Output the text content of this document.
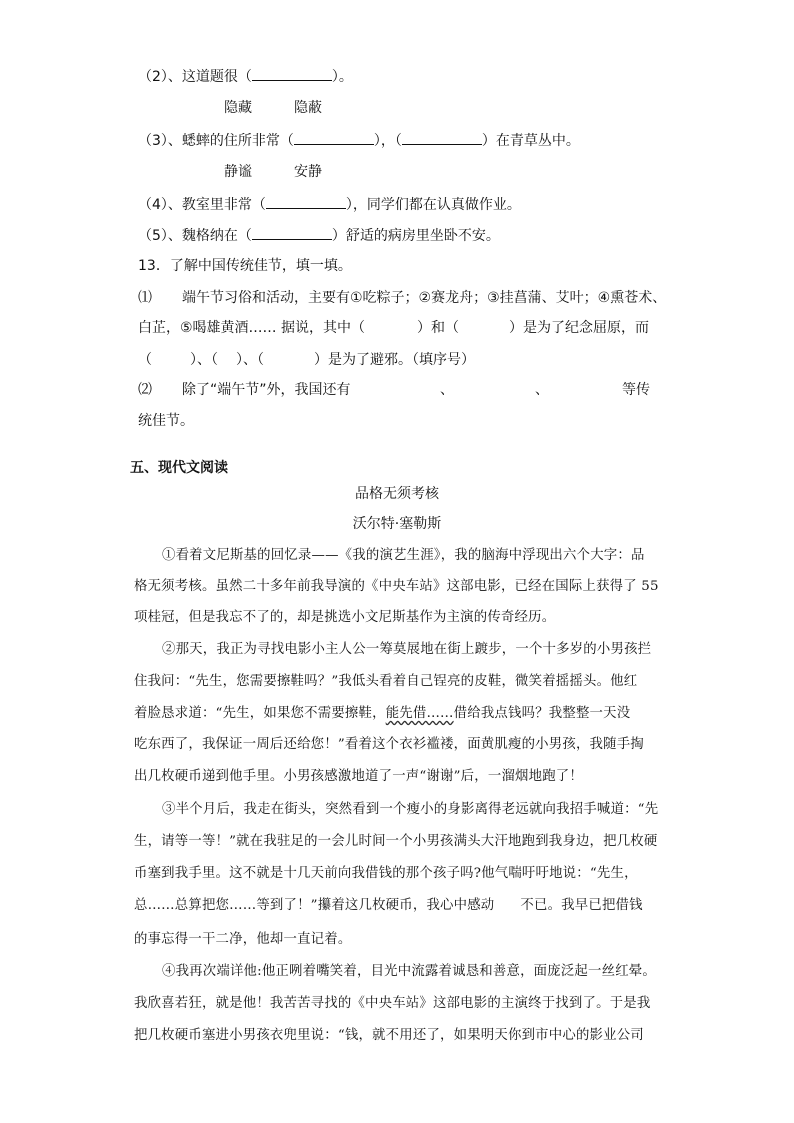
（2）、这道题很（	）。
隐藏	隐蔽
（3）、蟋蟀的住所非常（	），（	）在青草丛中。
静谧	安静
（4）、教室里非常（	），同学们都在认真做作业。
（5）、魏格纳在（	）舒适的病房里坐卧不安。
13．了解中国传统佳节，填一填。
⑴ 端午节习俗和活动，主要有①吃粽子；②赛龙舟；③挂菖蒲、艾叶；④熏苍术、
白芷，⑤喝雄黄酒…… 据说，其中（	）和（	）是为了纪念屈原，而
（	）、（ ）、（	）是为了避邪。（填序号）
⑵ 除了“端午节”外，我国还有	、	、	等传
统佳节。
五、现代文阅读
品格无须考核
沃尔特·塞勒斯
①看着文尼斯基的回忆录——《我的演艺生涯》，我的脑海中浮现出六个大字：品
格无须考核。虽然二十多年前我导演的《中央车站》这部电影，已经在国际上获得了 55
项桂冠，但是我忘不了的，却是挑选小文尼斯基作为主演的传奇经历。
②那天，我正为寻找电影小主人公一筹莫展地在街上踱步，一个十多岁的小男孩拦
住我问：“先生，您需要擦鞋吗？”我低头看着自己锃亮的皮鞋，微笑着摇摇头。他红
着脸恳求道：“先生，如果您不需要擦鞋，能先借……借给我点钱吗？我整整一天没
吃东西了，我保证一周后还给您！”看着这个衣衫褴褛，面黄肌瘦的小男孩，我随手掏
出几枚硬币递到他手里。小男孩感激地道了一声“谢谢”后，一溜烟地跑了！
③半个月后，我走在街头，突然看到一个瘦小的身影离得老远就向我招手喊道：“先
生，请等一等！”就在我驻足的一会儿时间一个小男孩满头大汗地跑到我身边，把几枚硬
币塞到我手里。这不就是十几天前向我借钱的那个孩子吗?他气喘吁吁地说：“先生，
总……总算把您……等到了！”攥着这几枚硬币，我心中感动 不已。我早已把借钱
的事忘得一干二净，他却一直记着。
④我再次端详他:他正咧着嘴笑着，目光中流露着诚恳和善意，面庞泛起一丝红晕。
我欣喜若狂，就是他！我苦苦寻找的《中央车站》这部电影的主演终于找到了。于是我
把几枚硬币塞进小男孩衣兜里说：“钱，就不用还了，如果明天你到市中心的影业公司
